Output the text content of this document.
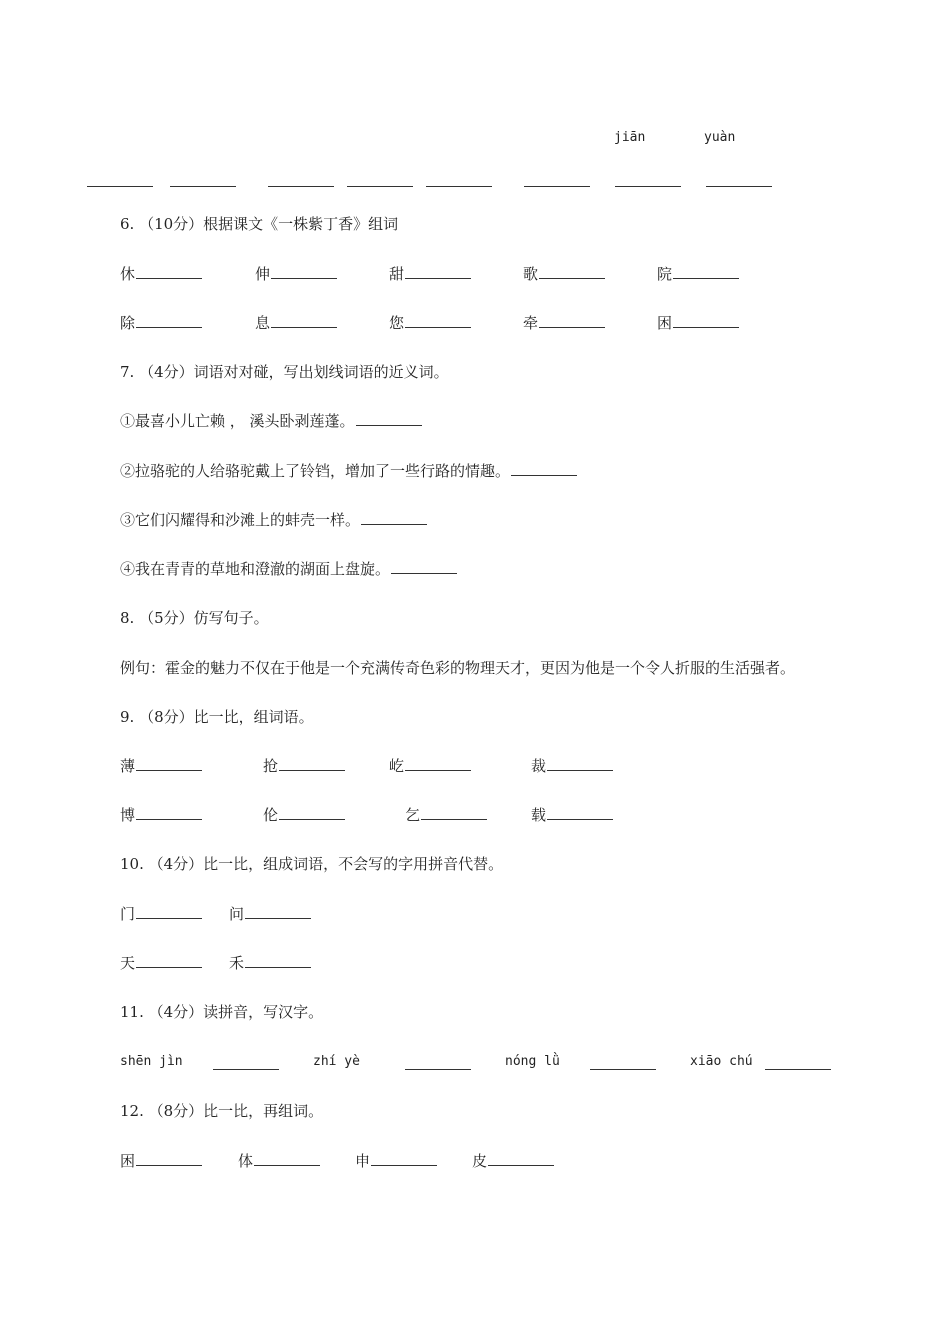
jiān	yuàn
6. （10分）根据课文《一株紫丁香》组词
休	伸	甜	歌	院
除	息	您	牵	困
7. （4分）词语对对碰，写出划线词语的近义词。
①最喜小儿亡赖 ， 溪头卧剥莲蓬。
②拉骆驼的人给骆驼戴上了铃铛，增加了一些行路的情趣。
③它们闪耀得和沙滩上的蚌壳一样。
④我在青青的草地和澄澈的湖面上盘旋。
8. （5分）仿写句子。
例句：霍金的魅力不仅在于他是一个充满传奇色彩的物理天才，更因为他是一个令人折服的生活强者。
9. （8分）比一比，组词语。
薄	抢	屹	裁
博	伦	乞	载
10. （4分）比一比，组成词语，不会写的字用拼音代替。
门	问
天	禾
11. （4分）读拼音，写汉字。
shēn jìn	zhí yè	nóng lǜ	xiāo chú
12. （8分）比一比，再组词。
困	体	申	皮
